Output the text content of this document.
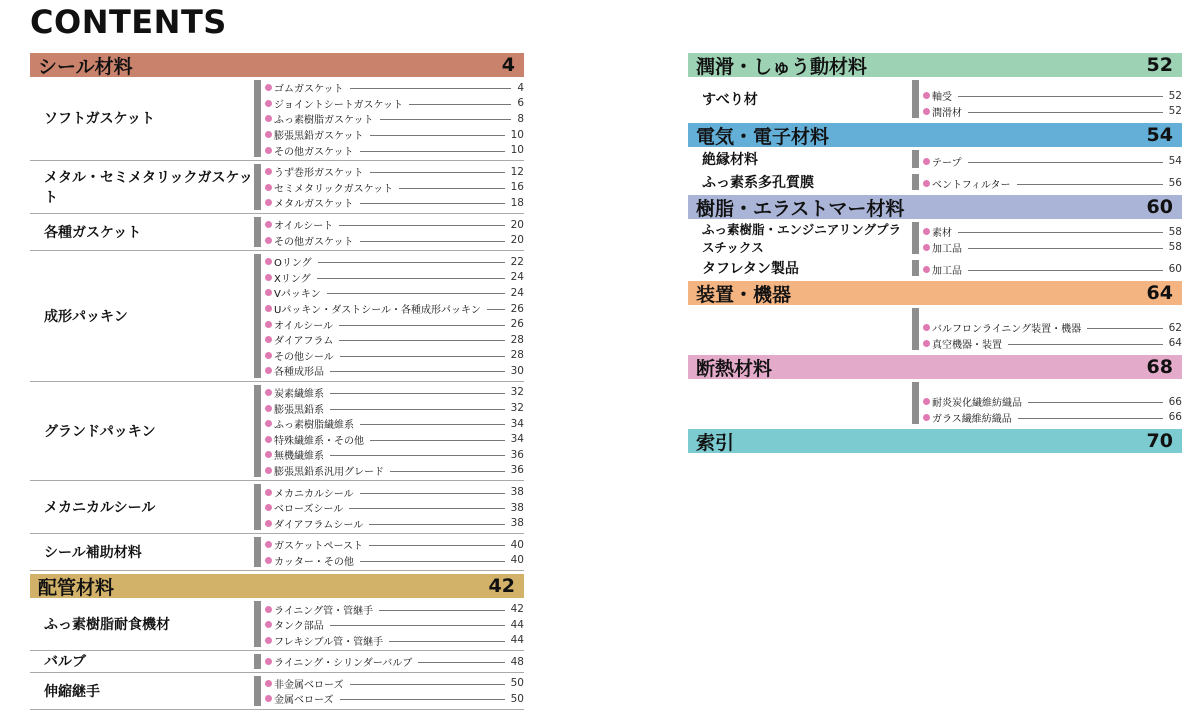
CONTENTS
シール材料	4
ソフトガスケット
ゴムガスケット	4
ジョイントシートガスケット	6
ふっ素樹脂ガスケット	8
膨張黒鉛ガスケット	10
その他ガスケット	10
メタル・セミメタリックガスケット
うず巻形ガスケット	12
セミメタリックガスケット	16
メタルガスケット	18
各種ガスケット	オイルシート	20
その他ガスケット	20
成形パッキン
Oリング	22
Xリング	24
Vパッキン	24
Uパッキン・ダストシール・各種成形パッキン	26
オイルシール	26
ダイアフラム	28
その他シール	28
各種成形品	30
グランドパッキン
炭素繊維系	32
膨張黒鉛系	32
ふっ素樹脂繊維系	34
特殊繊維系・その他	34
無機繊維系	36
膨張黒鉛系汎用グレード	36
メカニカルシール
メカニカルシール	38
ベローズシール	38
ダイアフラムシール	38
シール補助材料	ガスケットペースト	40
カッター・その他	40
配管材料	42
ふっ素樹脂耐食機材
ライニング管・管継手	42
タンク部品	44
フレキシブル管・管継手	44
バルブ	ライニング・シリンダーバルブ	48
伸縮継手	非金属ベローズ	50
金属ベローズ	50
潤滑・しゅう動材料	52
すべり材	軸受	52
潤滑材	52
電気・電子材料	54
絶縁材料	テープ	54
ふっ素系多孔質膜	ベントフィルター	56
樹脂・エラストマー材料	60
ふっ素樹脂・エンジニアリングプラスチックス
素材	58
加工品	58
タフレタン製品	加工品	60
装置・機器	64
バルフロンライニング装置・機器	62
真空機器・装置	64
断熱材料	68
耐炎炭化繊維紡織品	66
ガラス繊維紡織品	66
索引	70
